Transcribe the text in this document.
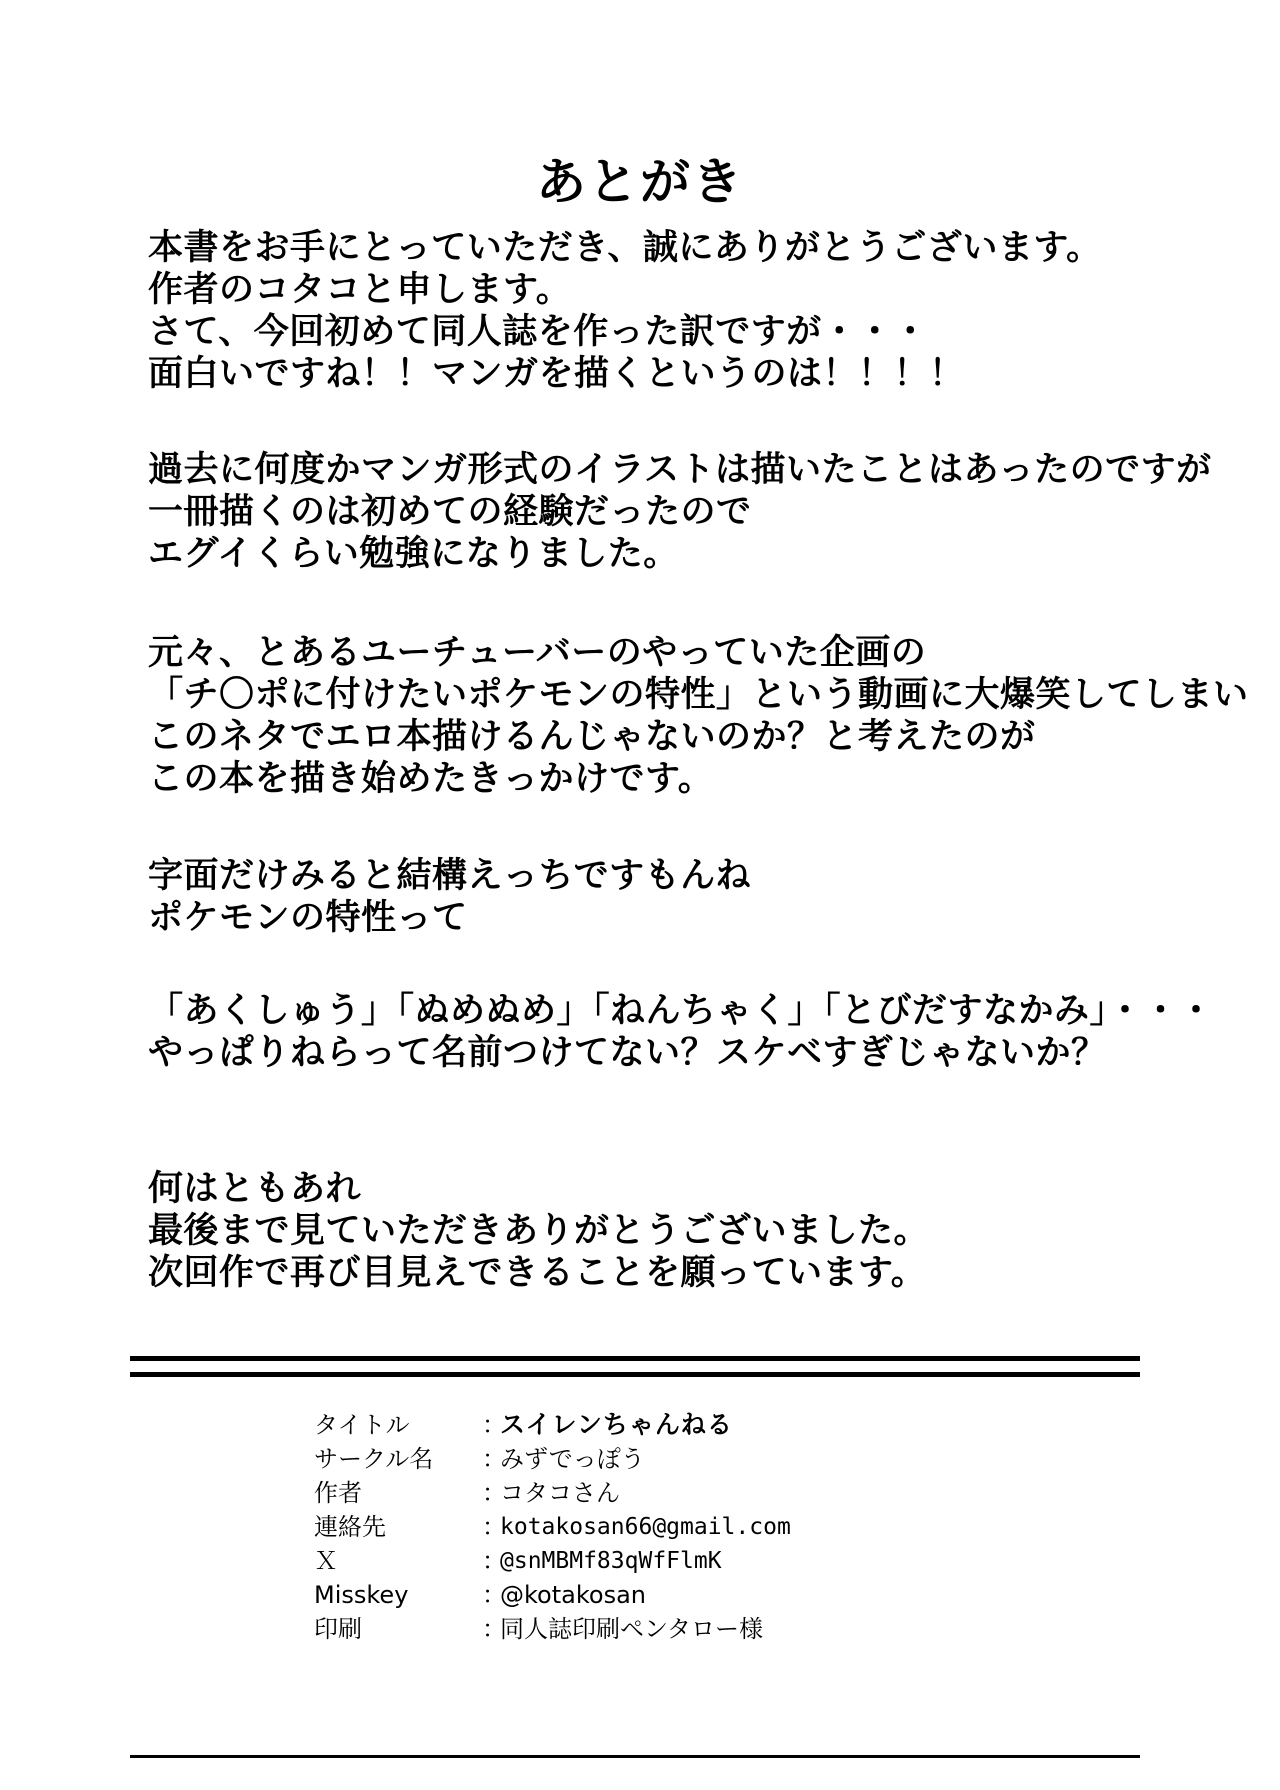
あとがき
本書をお手にとっていただき、誠にありがとうございます。
作者のコタコと申します。
さて、今回初めて同人誌を作った訳ですが・・・
面白いですね！！マンガを描くというのは！！！！
過去に何度かマンガ形式のイラストは描いたことはあったのですが
一冊描くのは初めての経験だったので
エグイくらい勉強になりました。
元々、とあるユーチューバーのやっていた企画の
「チ〇ポに付けたいポケモンの特性」という動画に大爆笑してしまい
このネタでエロ本描けるんじゃないのか？と考えたのが
この本を描き始めたきっかけです。
字面だけみると結構えっちですもんね
ポケモンの特性って
「あくしゅう」「ぬめぬめ」「ねんちゃく」「とびだすなかみ」・・・
やっぱりねらって名前つけてない？スケベすぎじゃないか？
何はともあれ
最後まで見ていただきありがとうございました。
次回作で再び目見えできることを願っています。
タイトル	：
スイレンちゃんねる
サークル名 ：
みずでっぽう
作者	：
コタコさん
連絡先	：
kotakosan66@gmail.com
Ｘ	：
@snMBMf83qWfFlmK
Misskey	：
@kotakosan
印刷	：
同人誌印刷ペンタロー様
